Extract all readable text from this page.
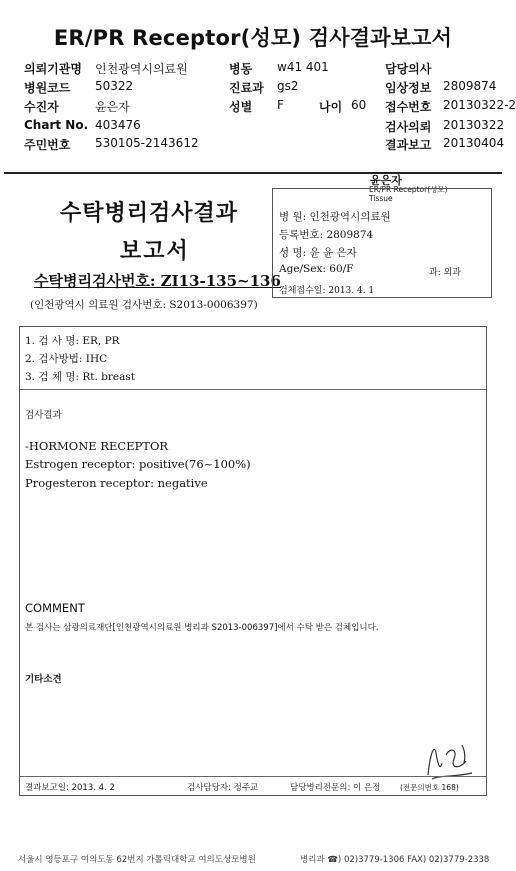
ER/PR Receptor(성모) 검사결과보고서
의뢰기관명 인천광역시의료원	병동 w41 401	담당의사
병원코드 50322	진료과 gs2	임상정보 2809874
수진자	윤은자	성별 F	나이 60 접수번호 20130322-2
Chart No. 403476	검사의뢰 20130322
주민번호 530105-2143612	결과보고 20130404
윤은자
ER/PR Receptor(성모)
Tissue
수탁병리검사결과
보고서
수탁병리검사번호: ZI13-135~136
(인천광역시 의료원 검사번호: S2013-0006397)
병 원: 인천광역시의료원
등록번호: 2809874
성 명: 윤 윤 은자
Age/Sex: 60/F	과: 외과
검체접수일: 2013. 4. 1
1. 검 사 명: ER, PR
2. 검사방법: IHC
3. 검 체 명: Rt. breast
검사결과
-HORMONE RECEPTOR
Estrogen receptor: positive(76~100%)
Progesteron receptor: negative
COMMENT
본 검사는 삼광의료재단[인천광역시의료원 병리과 S2013-006397]에서 수탁 받은 검체입니다.
기타소견
결과보고일: 2013. 4. 2	검사담당자: 정주교	담당병리전문의: 이 은정	(전문의번호 168)
서울시 영등포구 여의도동 62번지 가톨릭대학교 여의도성모병원	병리과 ☎) 02)3779-1306 FAX) 02)3779-2338
